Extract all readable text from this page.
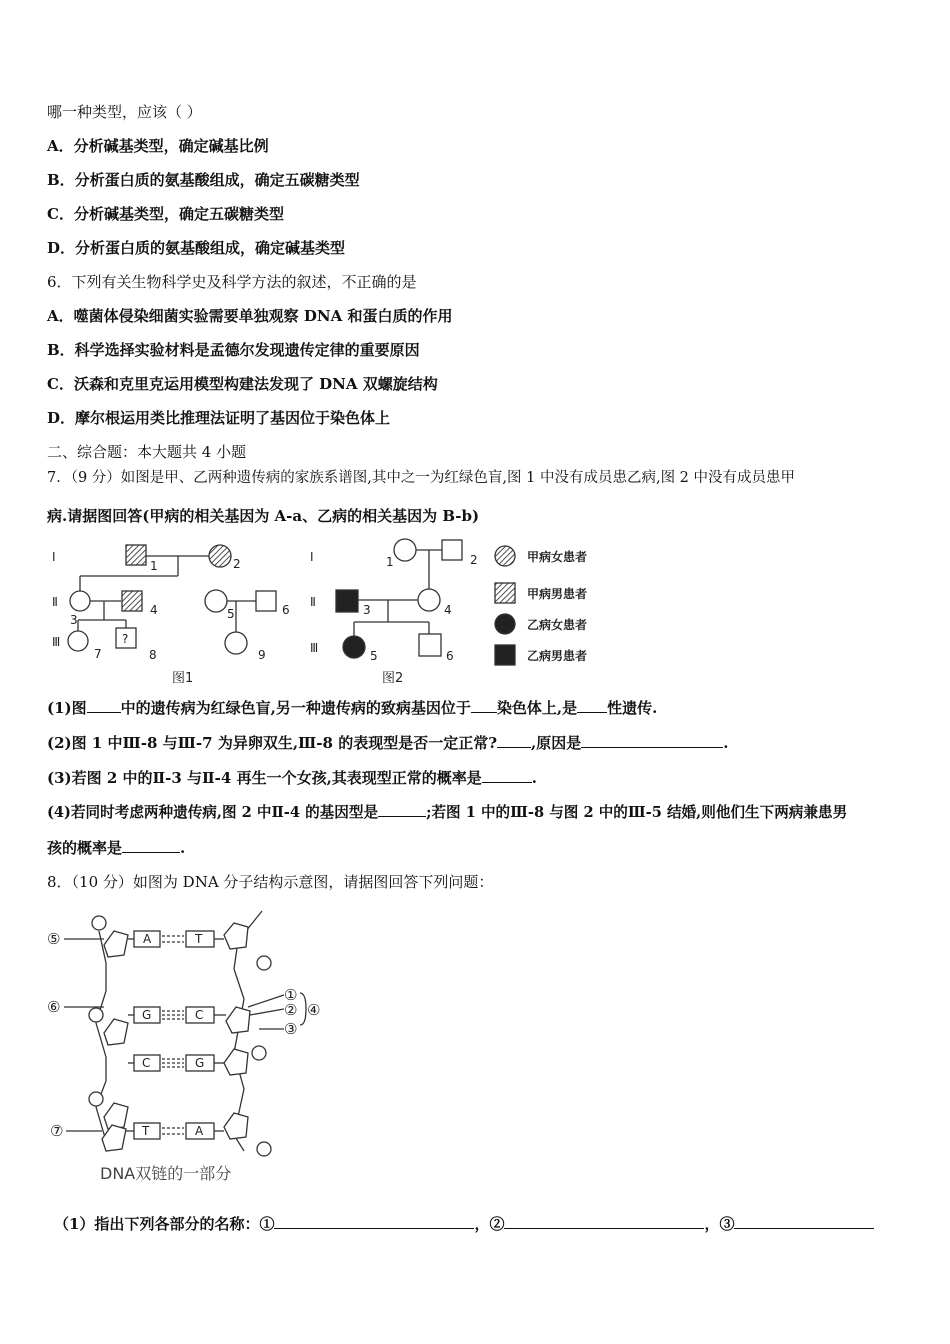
哪一种类型，应该（ ）
A．分析碱基类型，确定碱基比例
B．分析蛋白质的氨基酸组成，确定五碳糖类型
C．分析碱基类型，确定五碳糖类型
D．分析蛋白质的氨基酸组成，确定碱基类型
6．下列有关生物科学史及科学方法的叙述，不正确的是
A．噬菌体侵染细菌实验需要单独观察 DNA 和蛋白质的作用
B．科学选择实验材料是孟德尔发现遗传定律的重要原因
C．沃森和克里克运用模型构建法发现了 DNA 双螺旋结构
D．摩尔根运用类比推理法证明了基因位于染色体上
二、综合题：本大题共 4 小题
7．（9 分）如图是甲、乙两种遗传病的家族系谱图,其中之一为红绿色盲,图 1 中没有成员患乙病,图 2 中没有成员患甲
病.请据图回答(甲病的相关基因为 A-a、乙病的相关基因为 B-b)
Ⅰ
Ⅱ
Ⅲ
1	2
3
4	5	6
7	8	9
?
Ⅰ
Ⅱ
Ⅲ
1	2
3	4
5	6
甲病女患者
甲病男患者
乙病女患者
乙病男患者
图1	图2
(1)图 中的遗传病为红绿色盲,另一种遗传病的致病基因位于 染色体上,是 性遗传.
(2)图 1 中Ⅲ-8 与Ⅲ-7 为异卵双生,Ⅲ-8 的表现型是否一定正常? ,原因是	.
(3)若图 2 中的Ⅱ-3 与Ⅱ-4 再生一个女孩,其表现型正常的概率是	.
(4)若同时考虑两种遗传病,图 2 中Ⅱ-4 的基因型是	;若图 1 中的Ⅲ-8 与图 2 中的Ⅲ-5 结婚,则他们生下两病兼患男
孩的概率是	.
8．（10 分）如图为 DNA 分子结构示意图，请据图回答下列问题：
A	T
G	C
C	G
T	A
⑤
⑥
⑦
①
②
③
④
DNA双链的一部分
（1）指出下列各部分的名称：①	，②	，③
